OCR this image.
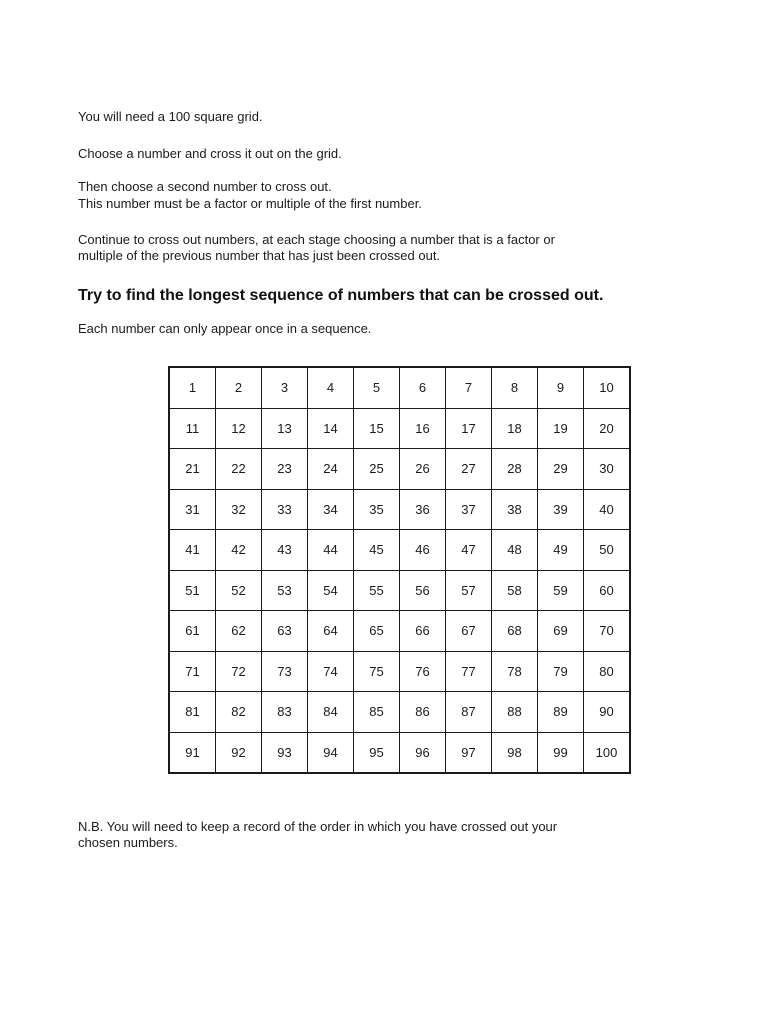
You will need a 100 square grid.

Choose a number and cross it out on the grid.

Then choose a second number to cross out.

This number must be a factor or multiple of the first number.

Continue to cross out numbers, at each stage choosing a number that is a factor or

multiple of the previous number that has just been crossed out.

Try to find the longest sequence of numbers that can be crossed out.

Each number can only appear once in a sequence.

1	2	3	4	5	6	7	8	9	10
11	12	13	14	15	16	17	18	19	20
21	22	23	24	25	26	27	28	29	30
31	32	33	34	35	36	37	38	39	40
41	42	43	44	45	46	47	48	49	50
51	52	53	54	55	56	57	58	59	60
61	62	63	64	65	66	67	68	69	70
71	72	73	74	75	76	77	78	79	80
81	82	83	84	85	86	87	88	89	90
91	92	93	94	95	96	97	98	99	100

N.B. You will need to keep a record of the order in which you have crossed out your

chosen numbers.
